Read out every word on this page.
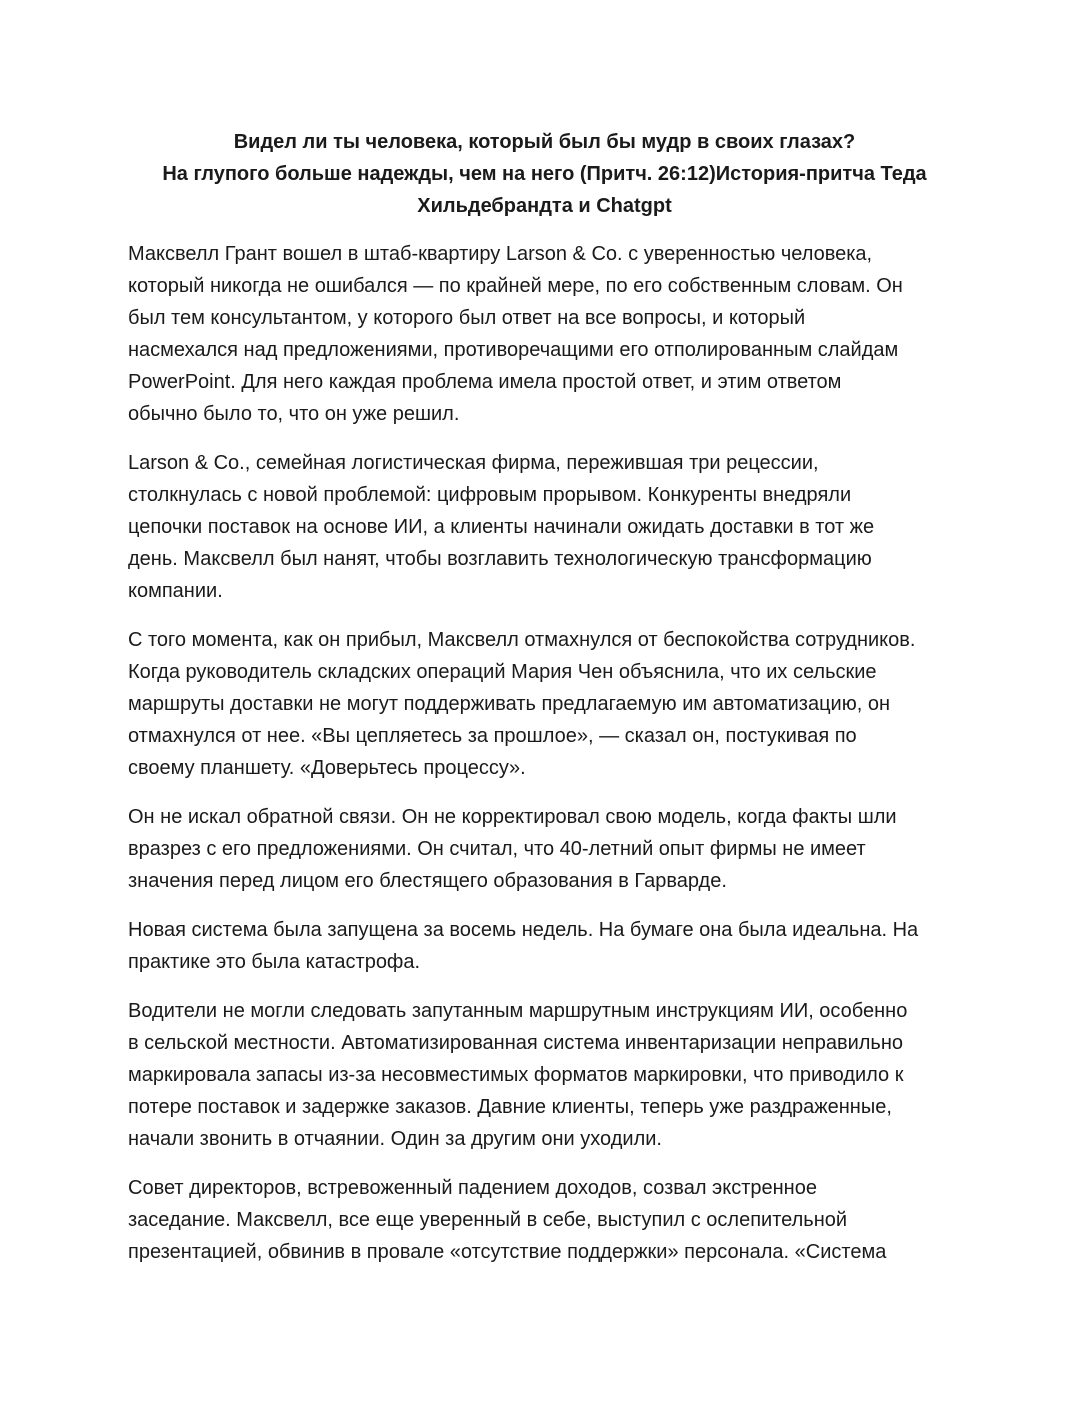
Видел ли ты человека, который был бы мудр в своих глазах?
На глупого больше надежды, чем на него (Притч. 26:12)История-притча Теда
Хильдебрандта и Chatgpt
Максвелл Грант вошел в штаб-квартиру Larson & Co. с уверенностью человека,
который никогда не ошибался — по крайней мере, по его собственным словам. Он
был тем консультантом, у которого был ответ на все вопросы, и который
насмехался над предложениями, противоречащими его отполированным слайдам
PowerPoint. Для него каждая проблема имела простой ответ, и этим ответом
обычно было то, что он уже решил.
Larson & Co., семейная логистическая фирма, пережившая три рецессии,
столкнулась с новой проблемой: цифровым прорывом. Конкуренты внедряли
цепочки поставок на основе ИИ, а клиенты начинали ожидать доставки в тот же
день. Максвелл был нанят, чтобы возглавить технологическую трансформацию
компании.
С того момента, как он прибыл, Максвелл отмахнулся от беспокойства сотрудников.
Когда руководитель складских операций Мария Чен объяснила, что их сельские
маршруты доставки не могут поддерживать предлагаемую им автоматизацию, он
отмахнулся от нее. «Вы цепляетесь за прошлое», — сказал он, постукивая по
своему планшету. «Доверьтесь процессу».
Он не искал обратной связи. Он не корректировал свою модель, когда факты шли
вразрез с его предложениями. Он считал, что 40-летний опыт фирмы не имеет
значения перед лицом его блестящего образования в Гарварде.
Новая система была запущена за восемь недель. На бумаге она была идеальна. На
практике это была катастрофа.
Водители не могли следовать запутанным маршрутным инструкциям ИИ, особенно
в сельской местности. Автоматизированная система инвентаризации неправильно
маркировала запасы из-за несовместимых форматов маркировки, что приводило к
потере поставок и задержке заказов. Давние клиенты, теперь уже раздраженные,
начали звонить в отчаянии. Один за другим они уходили.
Совет директоров, встревоженный падением доходов, созвал экстренное
заседание. Максвелл, все еще уверенный в себе, выступил с ослепительной
презентацией, обвинив в провале «отсутствие поддержки» персонала. «Система
